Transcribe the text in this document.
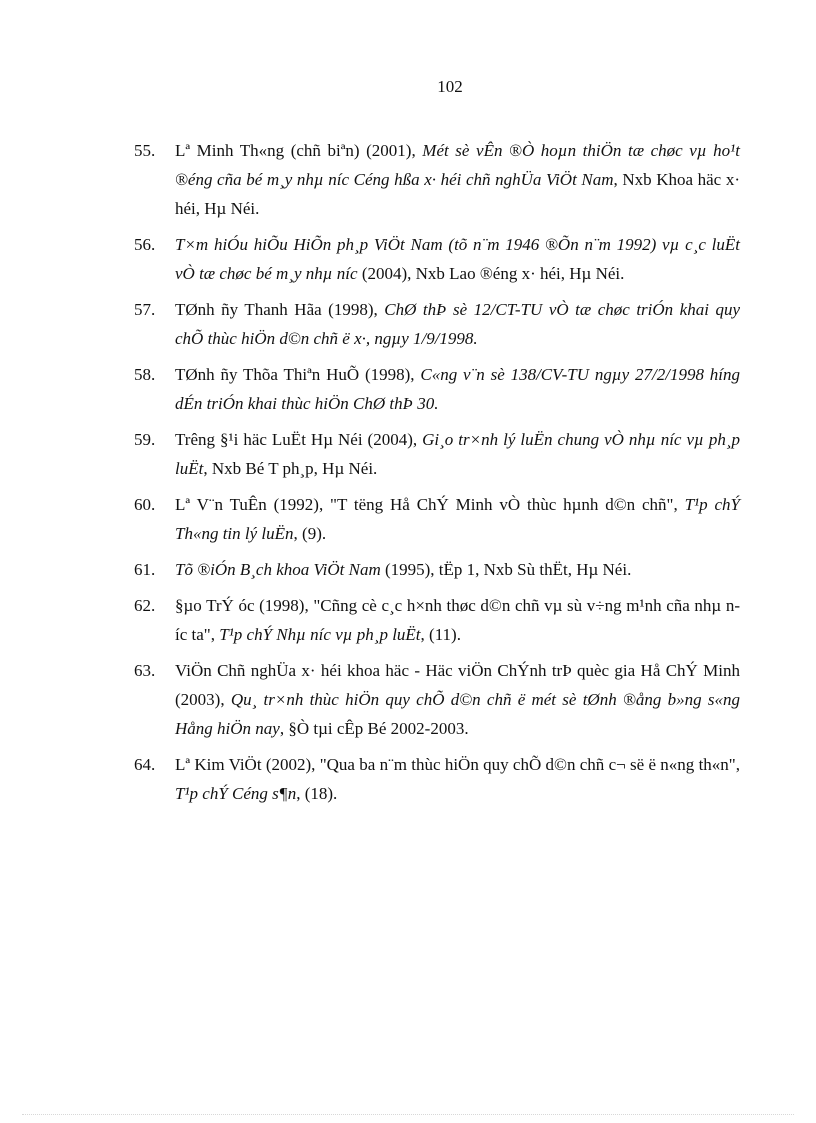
102
55. Lª Minh Th«ng (chñ biªn) (2001), Mét sè vÊn ®Ò hoµn thiÖn tæ chøc vµ ho¹t ®éng cña bé m¸y nhµ níc Céng hßa x· héi chñ nghÜa ViÖt Nam, Nxb Khoa häc x· héi, Hµ Néi.
56. T×m hiÓu hiÕu HiÕn ph¸p ViÖt Nam (tõ n¨m 1946 ®Õn n¨m 1992) vµ c¸c luËt vÒ tæ chøc bé m¸y nhµ níc (2004), Nxb Lao ®éng x· héi, Hµ Néi.
57. TØnh ñy Thanh Hãa (1998), ChØ thÞ sè 12/CT-TU vÒ tæ chøc triÓn khai quy chÕ thùc hiÖn d©n chñ ë x·, ngµy 1/9/1998.
58. TØnh ñy Thõa Thiªn HuÕ (1998), C«ng v¨n sè 138/CV-TU ngµy 27/2/1998 híng dÉn triÓn khai thùc hiÖn ChØ thÞ 30.
59. Trêng §¹i häc LuËt Hµ Néi (2004), Gi¸o tr×nh lý luËn chung vÒ nhµ níc vµ ph¸p luËt, Nxb Bé T ph¸p, Hµ Néi.
60. Lª V¨n TuÊn (1992), "T tëng Hå ChÝ Minh vÒ thùc hµnh d©n chñ", T¹p chÝ Th«ng tin lý luËn, (9).
61. Tõ ®iÓn B¸ch khoa ViÖt Nam (1995), tËp 1, Nxb Sù thËt, Hµ Néi.
62. §µo TrÝ óc (1998), "Cñng cè c¸c h×nh thøc d©n chñ vµ sù v÷ng m¹nh cña nhµ níc ta", T¹p chÝ Nhµ níc vµ ph¸p luËt, (11).
63. ViÖn Chñ nghÜa x· héi khoa häc - Häc viÖn ChÝnh trÞ quèc gia Hå ChÝ Minh (2003), Qu¸ tr×nh thùc hiÖn quy chÕ d©n chñ ë mét sè tØnh ®ång b»ng s«ng Hång hiÖn nay, §Ò tµi cÊp Bé 2002-2003.
64. Lª Kim ViÖt (2002), "Qua ba n¨m thùc hiÖn quy chÕ d©n chñ c¬ së ë n«ng th«n", T¹p chÝ Céng s¶n, (18).
